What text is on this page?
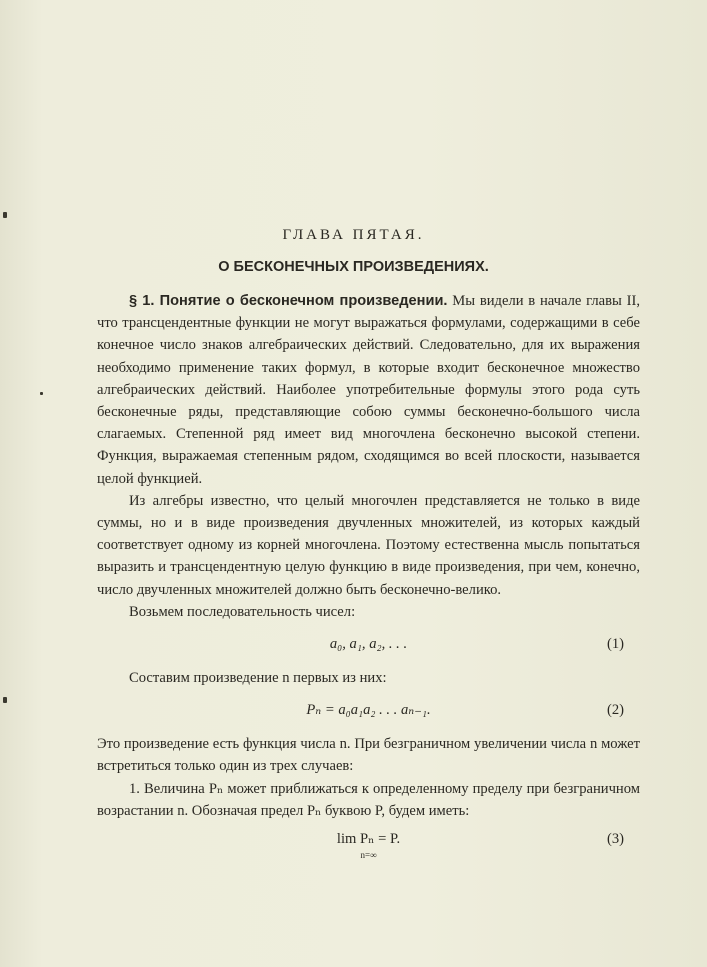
ГЛАВА ПЯТАЯ.
О БЕСКОНЕЧНЫХ ПРОИЗВЕДЕНИЯХ.

§ 1. Понятие о бесконечном произведении. Мы видели в начале главы II, что трансцендентные функции не могут выражаться формулами, содержащими в себе конечное число знаков алгебраических действий. Следовательно, для их выражения необходимо применение таких формул, в которые входит бесконечное множество алгебраических действий. Наиболее употребительные формулы этого рода суть бесконечные ряды, представляющие собою суммы бесконечно-большого числа слагаемых. Степенной ряд имеет вид многочлена бесконечно высокой степени. Функция, выражаемая степенным рядом, сходящимся во всей плоскости, называется целой функцией.

Из алгебры известно, что целый многочлен представляется не только в виде суммы, но и в виде произведения двучленных множителей, из которых каждый соответствует одному из корней многочлена. Поэтому естественна мысль попытаться выразить и трансцендентную целую функцию в виде произведения, при чем, конечно, число двучленных множителей должно быть бесконечно-велико.

Возьмем последовательность чисел:

a₀, a₁, a₂, . . .	(1)

Составим произведение n первых из них:

Pₙ = a₀a₁a₂ . . . aₙ₋₁.	(2)

Это произведение есть функция числа n. При безграничном увеличении числа n может встретиться только один из трех случаев:

1. Величина Pₙ может приближаться к определенному пределу при безграничном возрастании n. Обозначая предел Pₙ буквою P, будем иметь:

lim Pₙ = P.
n=∞
(3)
